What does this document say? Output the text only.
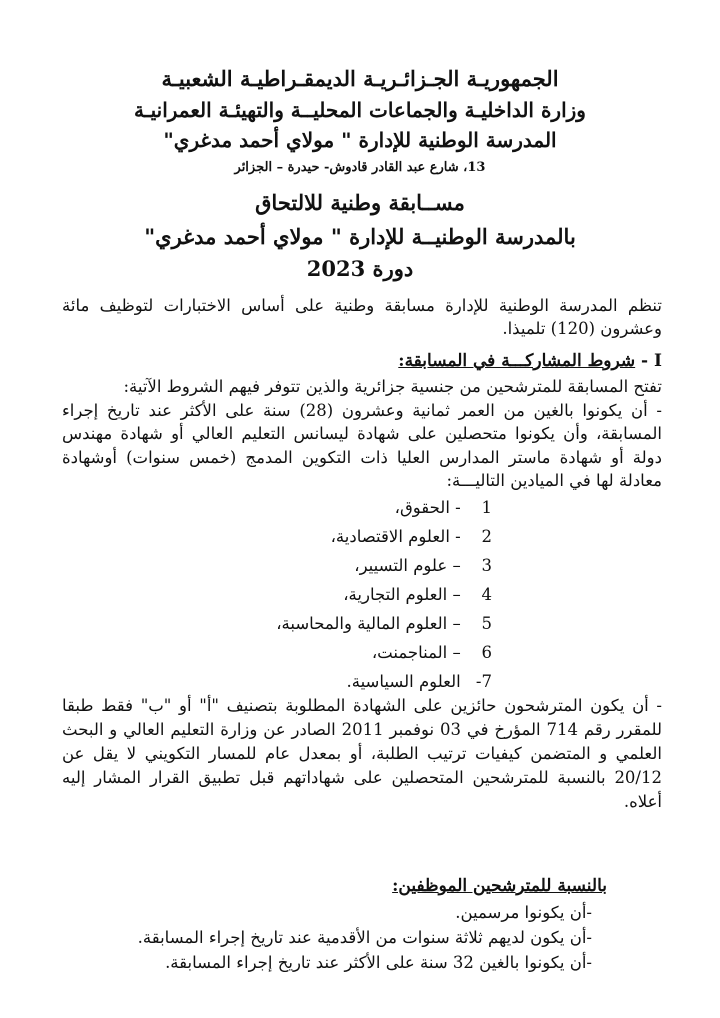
الجمهوريـة الجـزائـريـة الديمقـراطيـة الشعبيـة
وزارة الداخليـة والجماعات المحليــة والتهيئـة العمرانيـة
المدرسة الوطنية للإدارة " مولاي أحمد مدغري"
13، شارع عبد القادر قادوش- حيدرة – الجزائر
مســابقة وطنية للالتحاق
بالمدرسة الوطنيــة للإدارة " مولاي أحمد مدغري"
دورة 2023
تنظم المدرسة الوطنية للإدارة مسابقة وطنية على أساس الاختبارات لتوظيف مائة وعشرون (120) تلميذا.
I - شروط المشاركـــة في المسابقة:

تفتح المسابقة للمترشحين من جنسية جزائرية والذين تتوفر فيهم الشروط الآتية:

- أن يكونوا بالغين من العمر ثمانية وعشرون (28) سنة على الأكثر عند تاريخ إجراء المسابقة، وأن يكونوا متحصلين على شهادة ليسانس التعليم العالي أو شهادة مهندس دولة أو شهادة ماستر المدارس العليا ذات التكوين المدمج (خمس سنوات) أوشهادة معادلة لها في الميادين التاليـــة:

1 - الحقوق،
2 - العلوم الاقتصادية،
3 – علوم التسيير،
4 – العلوم التجارية،
5 – العلوم المالية والمحاسبة،
6 – المناجمنت،
7- العلوم السياسية.

- أن يكون المترشحون حائزين على الشهادة المطلوبة بتصنيف "أ" أو "ب" فقط طبقا للمقرر رقم 714 المؤرخ في 03 نوفمبر 2011 الصادر عن وزارة التعليم العالي و البحث العلمي و المتضمن كيفيات ترتيب الطلبة، أو بمعدل عام للمسار التكويني لا يقل عن 20/12 بالنسبة للمترشحين المتحصلين على شهاداتهم قبل تطبيق القرار المشار إليه أعلاه.

بالنسبة للمترشحين الموظفين:

-أن يكونوا مرسمين.

-أن يكون لديهم ثلاثة سنوات من الأقدمية عند تاريخ إجراء المسابقة.

-أن يكونوا بالغين 32 سنة على الأكثر عند تاريخ إجراء المسابقة.
